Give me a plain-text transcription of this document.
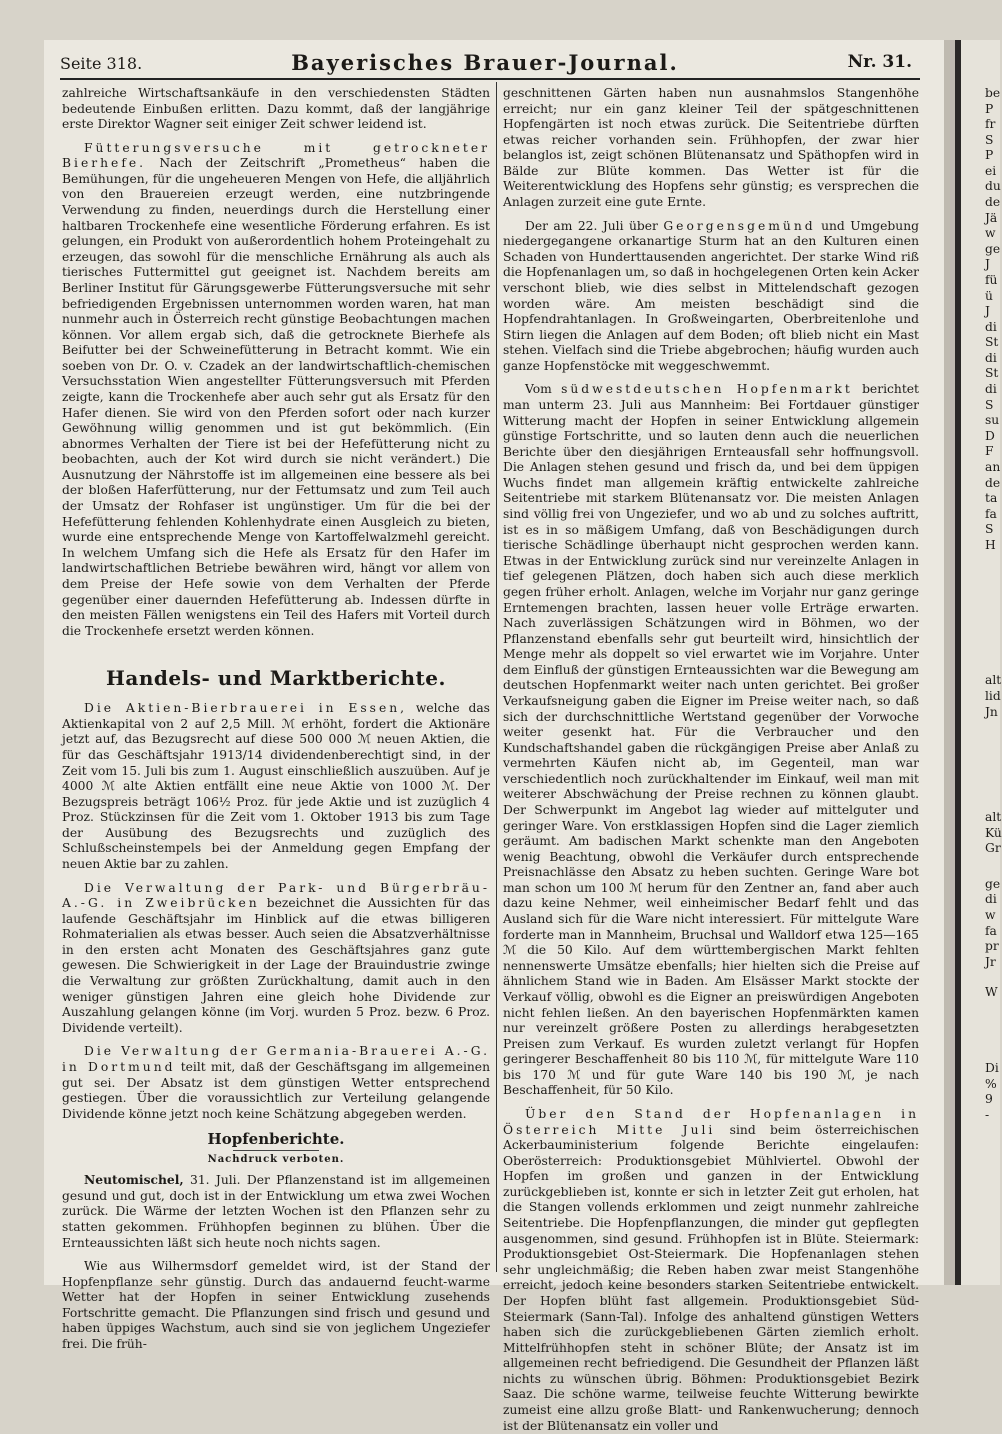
Seite 318.	Bayerisches Brauer-Journal.	Nr. 31.

zahlreiche Wirtschaftsankäufe in den verschiedensten Städten bedeutende Einbußen erlitten. Dazu kommt, daß der langjährige erste Direktor Wagner seit einiger Zeit schwer leidend ist.

Fütterungsversuche mit getrockneter Bierhefe. Nach der Zeitschrift „Prometheus“ haben die Bemühungen, für die ungeheueren Mengen von Hefe, die alljährlich von den Brauereien erzeugt werden, eine nutzbringende Verwendung zu finden, neuerdings durch die Herstellung einer haltbaren Trockenhefe eine wesentliche Förderung erfahren. Es ist gelungen, ein Produkt von außerordentlich hohem Proteingehalt zu erzeugen, das sowohl für die menschliche Ernährung als auch als tierisches Futtermittel gut geeignet ist. Nachdem bereits am Berliner Institut für Gärungsgewerbe Fütterungsversuche mit sehr befriedigenden Ergebnissen unternommen worden waren, hat man nunmehr auch in Österreich recht günstige Beobachtungen machen können. Vor allem ergab sich, daß die getrocknete Bierhefe als Beifutter bei der Schweinefütterung in Betracht kommt. Wie ein soeben von Dr. O. v. Czadek an der landwirtschaftlich-chemischen Versuchsstation Wien angestellter Fütterungsversuch mit Pferden zeigte, kann die Trockenhefe aber auch sehr gut als Ersatz für den Hafer dienen. Sie wird von den Pferden sofort oder nach kurzer Gewöhnung willig genommen und ist gut bekömmlich. (Ein abnormes Verhalten der Tiere ist bei der Hefefütterung nicht zu beobachten, auch der Kot wird durch sie nicht verändert.) Die Ausnutzung der Nährstoffe ist im allgemeinen eine bessere als bei der bloßen Haferfütterung, nur der Fettumsatz und zum Teil auch der Umsatz der Rohfaser ist ungünstiger. Um für die bei der Hefefütterung fehlenden Kohlenhydrate einen Ausgleich zu bieten, wurde eine entsprechende Menge von Kartoffelwalzmehl gereicht. In welchem Umfang sich die Hefe als Ersatz für den Hafer im landwirtschaftlichen Betriebe bewähren wird, hängt vor allem von dem Preise der Hefe sowie von dem Verhalten der Pferde gegenüber einer dauernden Hefefütterung ab. Indessen dürfte in den meisten Fällen wenigstens ein Teil des Hafers mit Vorteil durch die Trockenhefe ersetzt werden können.

Handels- und Marktberichte.

Die Aktien-Bierbrauerei in Essen, welche das Aktienkapital von 2 auf 2,5 Mill. ℳ erhöht, fordert die Aktionäre jetzt auf, das Bezugsrecht auf diese 500 000 ℳ neuen Aktien, die für das Geschäftsjahr 1913/14 dividendenberechtigt sind, in der Zeit vom 15. Juli bis zum 1. August einschließlich auszuüben. Auf je 4000 ℳ alte Aktien entfällt eine neue Aktie von 1000 ℳ. Der Bezugspreis beträgt 106½ Proz. für jede Aktie und ist zuzüglich 4 Proz. Stückzinsen für die Zeit vom 1. Oktober 1913 bis zum Tage der Ausübung des Bezugsrechts und zuzüglich des Schlußscheinstempels bei der Anmeldung gegen Empfang der neuen Aktie bar zu zahlen.

Die Verwaltung der Park- und Bürgerbräu-A.-G. in Zweibrücken bezeichnet die Aussichten für das laufende Geschäftsjahr im Hinblick auf die etwas billigeren Rohmaterialien als etwas besser. Auch seien die Absatzverhältnisse in den ersten acht Monaten des Geschäftsjahres ganz gute gewesen. Die Schwierigkeit in der Lage der Brauindustrie zwinge die Verwaltung zur größten Zurückhaltung, damit auch in den weniger günstigen Jahren eine gleich hohe Dividende zur Auszahlung gelangen könne (im Vorj. wurden 5 Proz. bezw. 6 Proz. Dividende verteilt).

Die Verwaltung der Germania-Brauerei A.-G. in Dortmund teilt mit, daß der Geschäftsgang im allgemeinen gut sei. Der Absatz ist dem günstigen Wetter entsprechend gestiegen. Über die voraussichtlich zur Verteilung gelangende Dividende könne jetzt noch keine Schätzung abgegeben werden.

Hopfenberichte.
Nachdruck verboten.

Neutomischel, 31. Juli. Der Pflanzenstand ist im allgemeinen gesund und gut, doch ist in der Entwicklung um etwa zwei Wochen zurück. Die Wärme der letzten Wochen ist den Pflanzen sehr zu statten gekommen. Frühhopfen beginnen zu blühen. Über die Ernteaussichten läßt sich heute noch nichts sagen.

Wie aus Wilhermsdorf gemeldet wird, ist der Stand der Hopfenpflanze sehr günstig. Durch das andauernd feucht-warme Wetter hat der Hopfen in seiner Entwicklung zusehends Fortschritte gemacht. Die Pflanzungen sind frisch und gesund und haben üppiges Wachstum, auch sind sie von jeglichem Ungeziefer frei. Die früh-

geschnittenen Gärten haben nun ausnahmslos Stangenhöhe erreicht; nur ein ganz kleiner Teil der spätgeschnittenen Hopfengärten ist noch etwas zurück. Die Seitentriebe dürften etwas reicher vorhanden sein. Frühhopfen, der zwar hier belanglos ist, zeigt schönen Blütenansatz und Späthopfen wird in Bälde zur Blüte kommen. Das Wetter ist für die Weiterentwicklung des Hopfens sehr günstig; es versprechen die Anlagen zurzeit eine gute Ernte.

Der am 22. Juli über Georgensgemünd und Umgebung niedergegangene orkanartige Sturm hat an den Kulturen einen Schaden von Hunderttausenden angerichtet. Der starke Wind riß die Hopfenanlagen um, so daß in hochgelegenen Orten kein Acker verschont blieb, wie dies selbst in Mittelendschaft gezogen worden wäre. Am meisten beschädigt sind die Hopfendrahtanlagen. In Großweingarten, Oberbreitenlohe und Stirn liegen die Anlagen auf dem Boden; oft blieb nicht ein Mast stehen. Vielfach sind die Triebe abgebrochen; häufig wurden auch ganze Hopfenstöcke mit weggeschwemmt.

Vom südwestdeutschen Hopfenmarkt berichtet man unterm 23. Juli aus Mannheim: Bei Fortdauer günstiger Witterung macht der Hopfen in seiner Entwicklung allgemein günstige Fortschritte, und so lauten denn auch die neuerlichen Berichte über den diesjährigen Ernteausfall sehr hoffnungsvoll. Die Anlagen stehen gesund und frisch da, und bei dem üppigen Wuchs findet man allgemein kräftig entwickelte zahlreiche Seitentriebe mit starkem Blütenansatz vor. Die meisten Anlagen sind völlig frei von Ungeziefer, und wo ab und zu solches auftritt, ist es in so mäßigem Umfang, daß von Beschädigungen durch tierische Schädlinge überhaupt nicht gesprochen werden kann. Etwas in der Entwicklung zurück sind nur vereinzelte Anlagen in tief gelegenen Plätzen, doch haben sich auch diese merklich gegen früher erholt. Anlagen, welche im Vorjahr nur ganz geringe Erntemengen brachten, lassen heuer volle Erträge erwarten. Nach zuverlässigen Schätzungen wird in Böhmen, wo der Pflanzenstand ebenfalls sehr gut beurteilt wird, hinsichtlich der Menge mehr als doppelt so viel erwartet wie im Vorjahre. Unter dem Einfluß der günstigen Ernteaussichten war die Bewegung am deutschen Hopfenmarkt weiter nach unten gerichtet. Bei großer Verkaufsneigung gaben die Eigner im Preise weiter nach, so daß sich der durchschnittliche Wertstand gegenüber der Vorwoche weiter gesenkt hat. Für die Verbraucher und den Kundschaftshandel gaben die rückgängigen Preise aber Anlaß zu vermehrten Käufen nicht ab, im Gegenteil, man war verschiedentlich noch zurückhaltender im Einkauf, weil man mit weiterer Abschwächung der Preise rechnen zu können glaubt. Der Schwerpunkt im Angebot lag wieder auf mittelguter und geringer Ware. Von erstklassigen Hopfen sind die Lager ziemlich geräumt. Am badischen Markt schenkte man den Angeboten wenig Beachtung, obwohl die Verkäufer durch entsprechende Preisnachlässe den Absatz zu heben suchten. Geringe Ware bot man schon um 100 ℳ herum für den Zentner an, fand aber auch dazu keine Nehmer, weil einheimischer Bedarf fehlt und das Ausland sich für die Ware nicht interessiert. Für mittelgute Ware forderte man in Mannheim, Bruchsal und Walldorf etwa 125—165 ℳ die 50 Kilo. Auf dem württembergischen Markt fehlten nennenswerte Umsätze ebenfalls; hier hielten sich die Preise auf ähnlichem Stand wie in Baden. Am Elsässer Markt stockte der Verkauf völlig, obwohl es die Eigner an preiswürdigen Angeboten nicht fehlen ließen. An den bayerischen Hopfenmärkten kamen nur vereinzelt größere Posten zu allerdings herabgesetzten Preisen zum Verkauf. Es wurden zuletzt verlangt für Hopfen geringerer Beschaffenheit 80 bis 110 ℳ, für mittelgute Ware 110 bis 170 ℳ und für gute Ware 140 bis 190 ℳ, je nach Beschaffenheit, für 50 Kilo.

Über den Stand der Hopfenanlagen in Österreich Mitte Juli sind beim österreichischen Ackerbauministerium folgende Berichte eingelaufen: Oberösterreich: Produktionsgebiet Mühlviertel. Obwohl der Hopfen im großen und ganzen in der Entwicklung zurückgeblieben ist, konnte er sich in letzter Zeit gut erholen, hat die Stangen vollends erklommen und zeigt nunmehr zahlreiche Seitentriebe. Die Hopfenpflanzungen, die minder gut gepflegten ausgenommen, sind gesund. Frühhopfen ist in Blüte. Steiermark: Produktionsgebiet Ost-Steiermark. Die Hopfenanlagen stehen sehr ungleichmäßig; die Reben haben zwar meist Stangenhöhe erreicht, jedoch keine besonders starken Seitentriebe entwickelt. Der Hopfen blüht fast allgemein. Produktionsgebiet Süd-Steiermark (Sann-Tal). Infolge des anhaltend günstigen Wetters haben sich die zurückgebliebenen Gärten ziemlich erholt. Mittelfrühhopfen steht in schöner Blüte; der Ansatz ist im allgemeinen recht befriedigend. Die Gesundheit der Pflanzen läßt nichts zu wünschen übrig. Böhmen: Produktionsgebiet Bezirk Saaz. Die schöne warme, teilweise feuchte Witterung bewirkte zumeist eine allzu große Blatt- und Rankenwucherung; dennoch ist der Blütenansatz ein voller und

be
P
fr
S
P
ei
du
de
Jä
w
ge
J
fü
ü
J
di
St
di
St
di
S
su
D
F
an
de
ta
fa
S
H
alt
lid
Jn
alt
Kü
Gr
ge
di
w
fa
pr
Jr
W
Di
%
9
-
